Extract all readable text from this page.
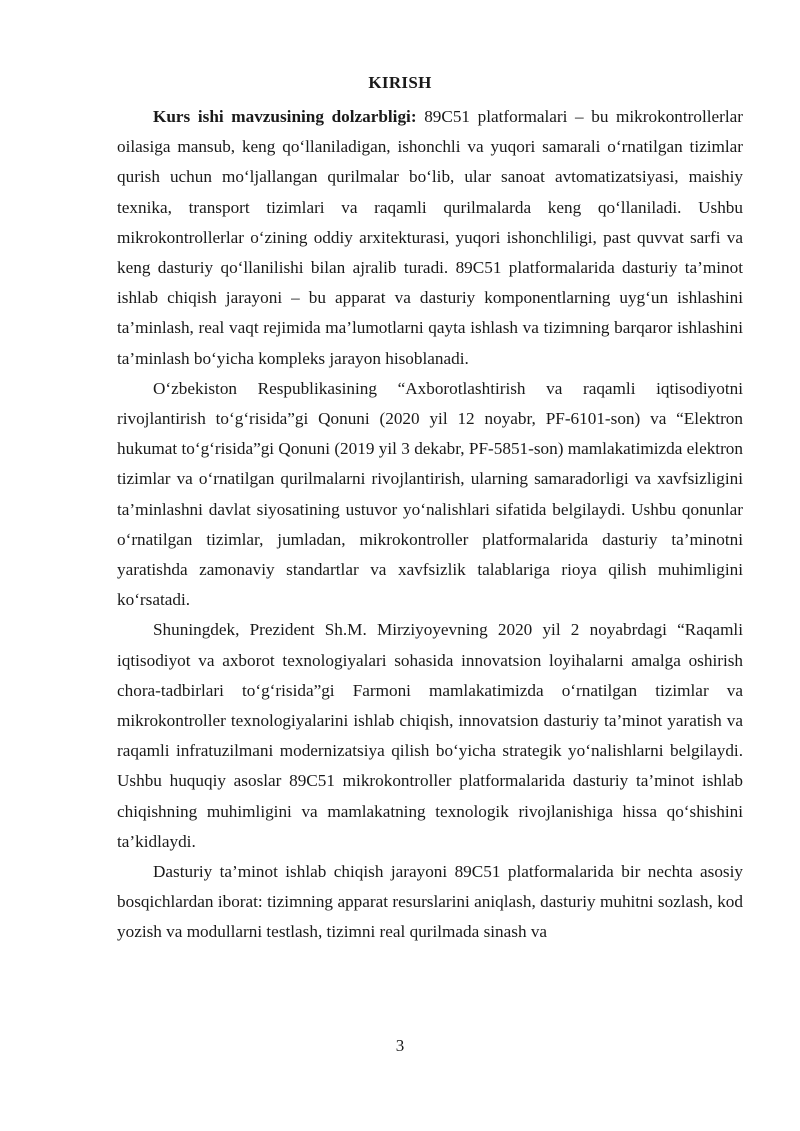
KIRISH

Kurs ishi mavzusining dolzarbligi: 89C51 platformalari – bu mikrokontrollerlar oilasiga mansub, keng qo‘llaniladigan, ishonchli va yuqori samarali o‘rnatilgan tizimlar qurish uchun mo‘ljallangan qurilmalar bo‘lib, ular sanoat avtomatizatsiyasi, maishiy texnika, transport tizimlari va raqamli qurilmalarda keng qo‘llaniladi. Ushbu mikrokontrollerlar o‘zining oddiy arxitekturasi, yuqori ishonchliligi, past quvvat sarfi va keng dasturiy qo‘llanilishi bilan ajralib turadi. 89C51 platformalarida dasturiy ta’minot ishlab chiqish jarayoni – bu apparat va dasturiy komponentlarning uyg‘un ishlashini ta’minlash, real vaqt rejimida ma’lumotlarni qayta ishlash va tizimning barqaror ishlashini ta’minlash bo‘yicha kompleks jarayon hisoblanadi.

O‘zbekiston Respublikasining “Axborotlashtirish va raqamli iqtisodiyotni rivojlantirish to‘g‘risida”gi Qonuni (2020 yil 12 noyabr, PF-6101-son) va “Elektron hukumat to‘g‘risida”gi Qonuni (2019 yil 3 dekabr, PF-5851-son) mamlakatimizda elektron tizimlar va o‘rnatilgan qurilmalarni rivojlantirish, ularning samaradorligi va xavfsizligini ta’minlashni davlat siyosatining ustuvor yo‘nalishlari sifatida belgilaydi. Ushbu qonunlar o‘rnatilgan tizimlar, jumladan, mikrokontroller platformalarida dasturiy ta’minotni yaratishda zamonaviy standartlar va xavfsizlik talablariga rioya qilish muhimligini ko‘rsatadi.

Shuningdek, Prezident Sh.M. Mirziyoyevning 2020 yil 2 noyabrdagi “Raqamli iqtisodiyot va axborot texnologiyalari sohasida innovatsion loyihalarni amalga oshirish chora-tadbirlari to‘g‘risida”gi Farmoni mamlakatimizda o‘rnatilgan tizimlar va mikrokontroller texnologiyalarini ishlab chiqish, innovatsion dasturiy ta’minot yaratish va raqamli infratuzilmani modernizatsiya qilish bo‘yicha strategik yo‘nalishlarni belgilaydi. Ushbu huquqiy asoslar 89C51 mikrokontroller platformalarida dasturiy ta’minot ishlab chiqishning muhimligini va mamlakatning texnologik rivojlanishiga hissa qo‘shishini ta’kidlaydi.

Dasturiy ta’minot ishlab chiqish jarayoni 89C51 platformalarida bir nechta asosiy bosqichlardan iborat: tizimning apparat resurslarini aniqlash, dasturiy muhitni sozlash, kod yozish va modullarni testlash, tizimni real qurilmada sinash va

3
